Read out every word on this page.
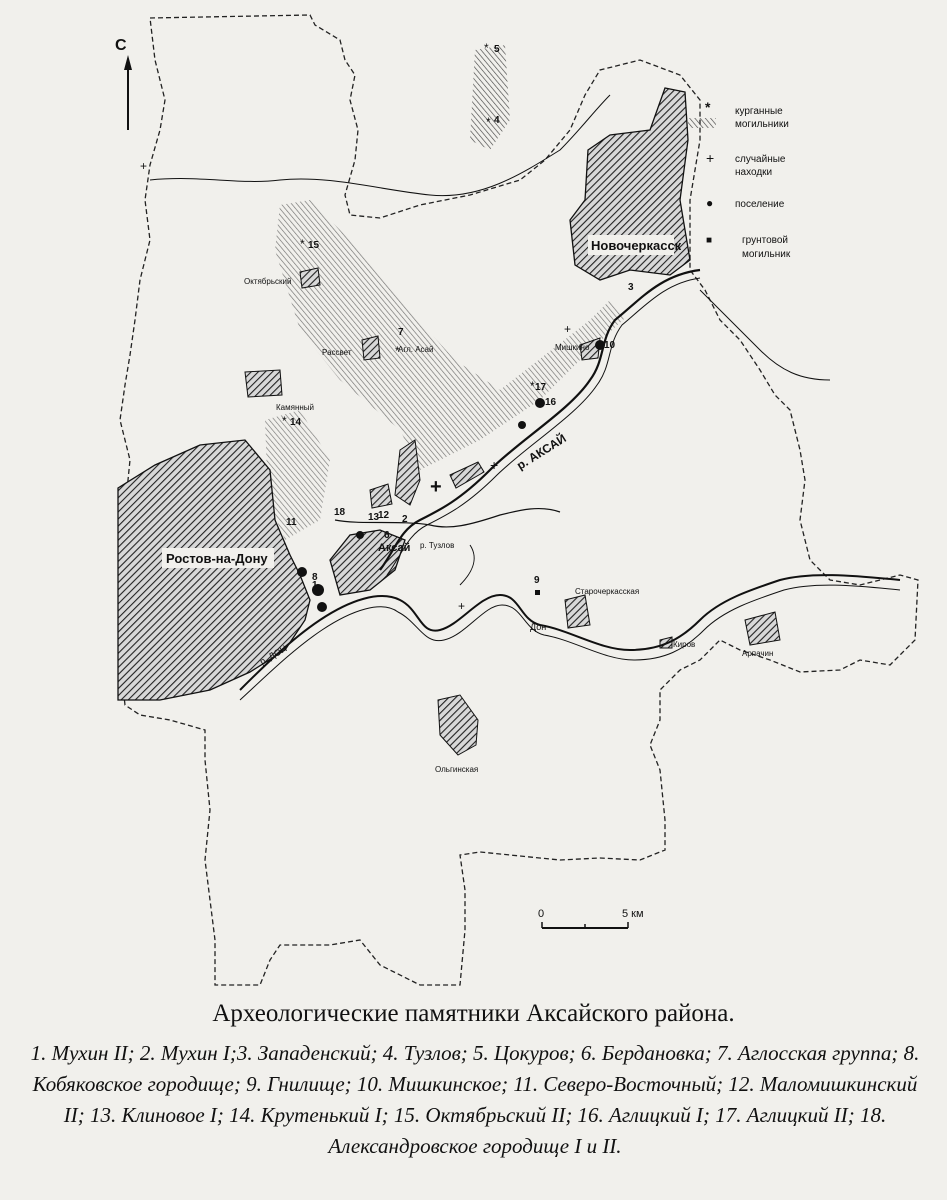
С
Новочеркасск
Ростов-на-Дону
Аксай
Октябрьский
Рассвет	Агл. Асай
Камянный
Мишкино
Старочеркасская
Киров
Арпачин
Ольгинская
р. АКСАЙ
р. ДОН
Дон
р. Тузлов
+
+
+
+
+
*
*
*
*
*
*
1
2
3
4
5
6
7
8	9
10
11
12
13
14
15
16
17
18
* курганные
могильники
+ случайные
находки
● поселение
■	грунтовой
могильник
0	5 км
Археологические памятники Аксайского района.
1. Мухин II; 2. Мухин I;3. Западенский; 4. Тузлов; 5. Цокуров; 6. Бердановка; 7. Аглосская группа; 8. Кобяковское городище; 9. Гнилище; 10. Мишкинское; 11. Северо-Восточный; 12. Маломишкинский II; 13. Клиновое I; 14. Крутенький I; 15. Октябрьский II; 16. Аглицкий I; 17. Аглицкий II; 18. Александровское городище I и II.
